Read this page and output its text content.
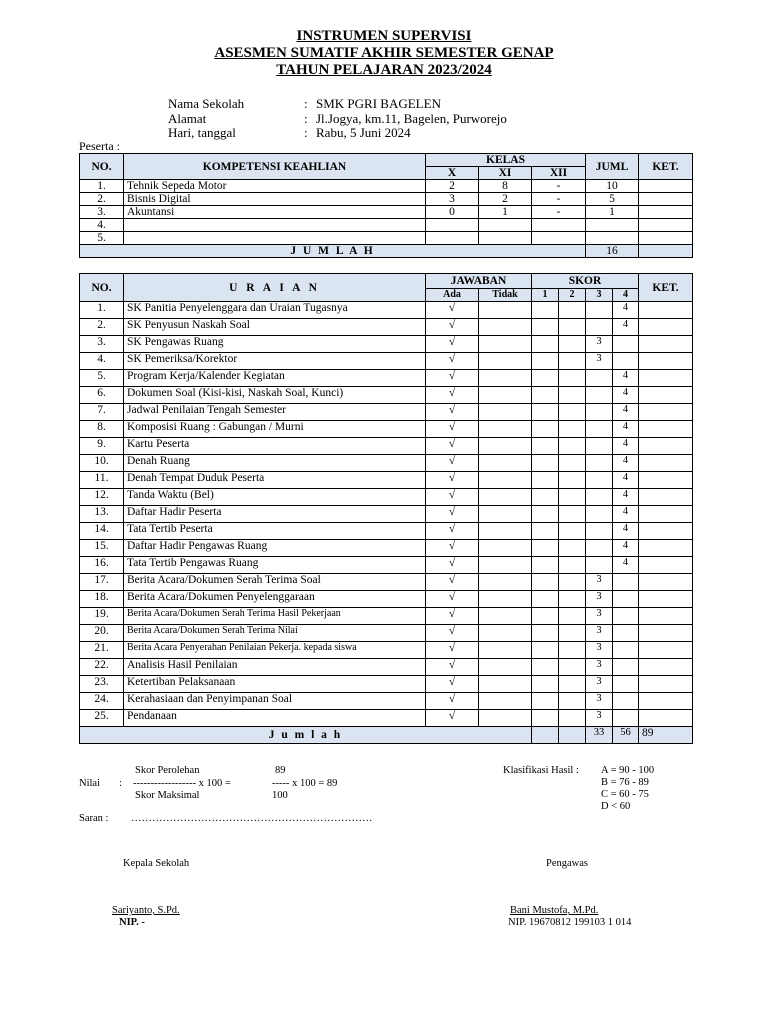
INSTRUMEN SUPERVISI
ASESMEN SUMATIF AKHIR SEMESTER GENAP
TAHUN PELAJARAN 2023/2024
Nama Sekolah	: SMK PGRI BAGELEN
Alamat	: Jl.Jogya, km.11, Bagelen, Purworejo
Hari, tanggal	: Rabu, 5 Juni 2024
Peserta :
NO.	KOMPETENSI KEAHLIAN	KELAS			JUML	KET.
		X	XI	XII		
1.	Tehnik Sepeda Motor	2	8	-	10	
2.	Bisnis Digital	3	2	-	5	
3.	Akuntansi	0	1	-	1	
4.						
5.						
J U M L A H					16	
NO.	U R A I A N	JAWABAN		SKOR				KET.
		Ada	Tidak	1	2	3	4	
1.	SK Panitia Penyelenggara dan Uraian Tugasnya	√					4	
2.	SK Penyusun Naskah Soal	√					4	
3.	SK Pengawas Ruang	√				3		
4.	SK Pemeriksa/Korektor	√				3		
5.	Program Kerja/Kalender Kegiatan	√					4	
6.	Dokumen Soal (Kisi-kisi, Naskah Soal, Kunci)	√					4	
7.	Jadwal Penilaian Tengah Semester	√					4	
8.	Komposisi Ruang : Gabungan / Murni	√					4	
9.	Kartu Peserta	√					4	
10.	Denah Ruang	√					4	
11.	Denah Tempat Duduk Peserta	√					4	
12.	Tanda Waktu (Bel)	√					4	
13.	Daftar Hadir Peserta	√					4	
14.	Tata Tertib Peserta	√					4	
15.	Daftar Hadir Pengawas Ruang	√					4	
16.	Tata Tertib Pengawas Ruang	√					4	
17.	Berita Acara/Dokumen Serah Terima Soal	√				3		
18.	Berita Acara/Dokumen Penyelenggaraan	√				3		
19.	Berita Acara/Dokumen Serah Terima Hasil Pekerjaan	√				3		
20.	Berita Acara/Dokumen Serah Terima Nilai	√				3		
21.	Berita Acara Penyerahan Penilaian Pekerja. kepada siswa	√				3		
22.	Analisis Hasil Penilaian	√				3		
23.	Ketertiban Pelaksanaan	√				3		
24.	Kerahasiaan dan Penyimpanan Soal	√				3		
25.	Pendanaan	√				3		
J u m l a h						33	56	89
Skor Perolehan	89
Nilai : ------------------ x 100 =	----- x 100 = 89
Skor Maksimal	100
Klasifikasi Hasil : A = 90 - 100
B = 76 - 89
C = 60 - 75
D < 60
Saran : ……………………………………………………………
Kepala Sekolah	Pengawas
Sariyanto, S.Pd.
NIP. -
Bani Mustofa, M.Pd.
NIP. 19670812 199103 1 014
